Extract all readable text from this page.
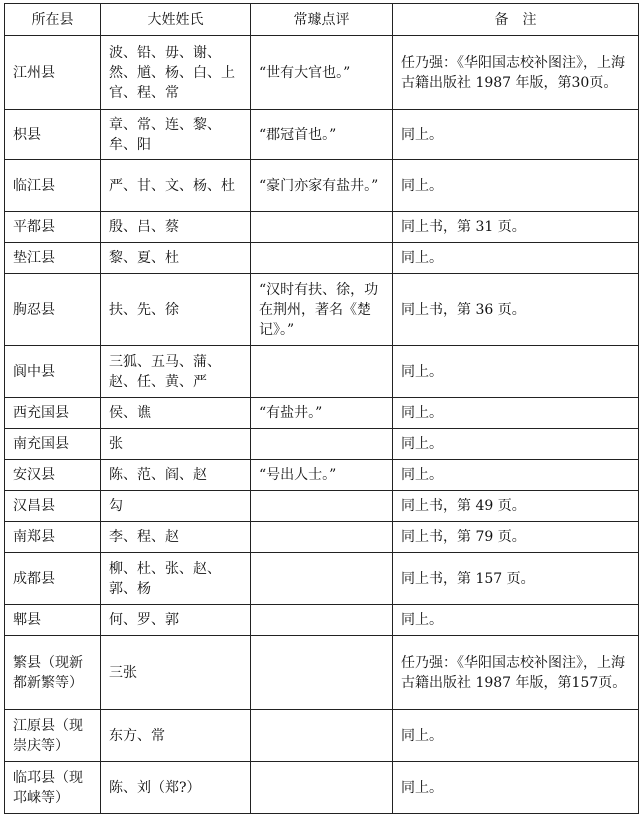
所在县	大姓姓氏	常璩点评	备　注
江州县	波、铅、毋、谢、然、馗、杨、白、上官、程、常	“世有大官也。”	任乃强：《华阳国志校补图注》，上海古籍出版社 1987 年版，第30页。
枳县	章、常、连、黎、牟、阳	“郡冠首也。”	同上。
临江县	严、甘、文、杨、杜	“豪门亦家有盐井。”	同上。
平都县	殷、吕、蔡		同上书，第 31 页。
垫江县	黎、夏、杜		同上。
朐忍县	扶、先、徐	“汉时有扶、徐，功在荆州，著名《楚记》。”	同上书，第 36 页。
阆中县	三狐、五马、蒲、赵、任、黄、严		同上。
西充国县	侯、谯	“有盐井。”	同上。
南充国县	张		同上。
安汉县	陈、范、阎、赵	“号出人士。”	同上。
汉昌县	勾		同上书，第 49 页。
南郑县	李、程、赵		同上书，第 79 页。
成都县	柳、杜、张、赵、郭、杨		同上书，第 157 页。
郫县	何、罗、郭		同上。
繁县（现新都新繁等）	三张		任乃强：《华阳国志校补图注》，上海古籍出版社 1987 年版，第157页。
江原县（现崇庆等）	东方、常		同上。
临邛县（现邛崃等）	陈、刘（郑?）		同上。
